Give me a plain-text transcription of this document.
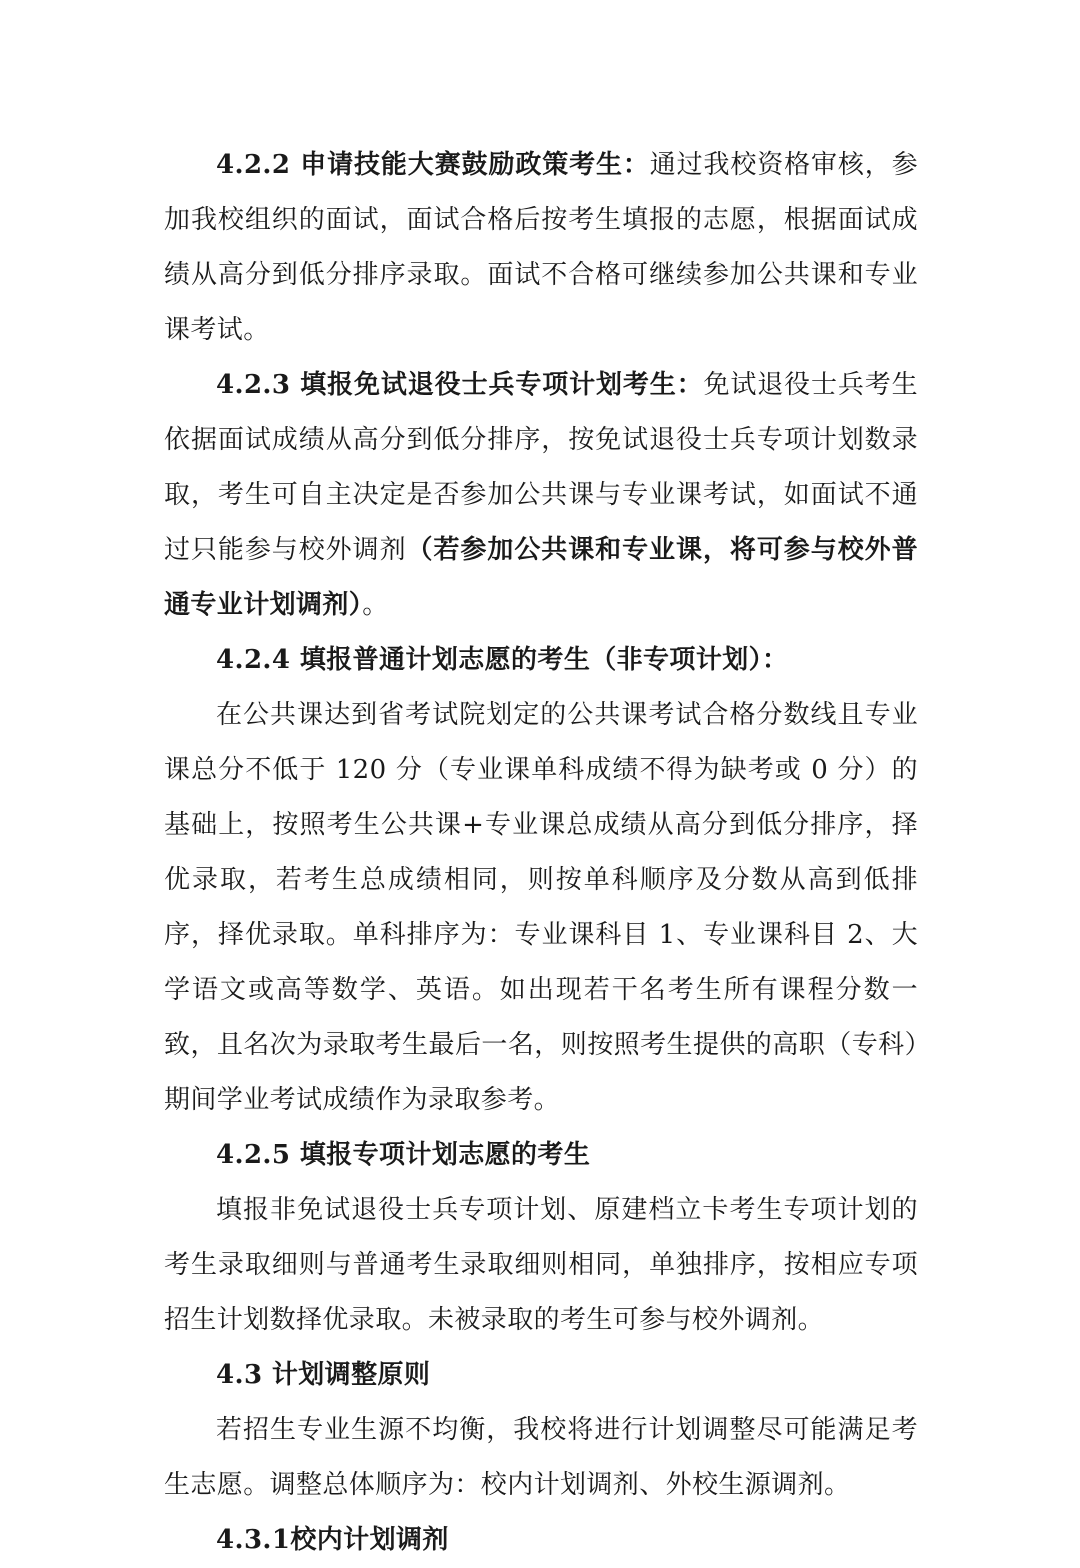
4.2.2 申请技能大赛鼓励政策考生：通过我校资格审核，参加我校组织的面试，面试合格后按考生填报的志愿，根据面试成绩从高分到低分排序录取。面试不合格可继续参加公共课和专业课考试。

4.2.3 填报免试退役士兵专项计划考生：免试退役士兵考生依据面试成绩从高分到低分排序，按免试退役士兵专项计划数录取，考生可自主决定是否参加公共课与专业课考试，如面试不通过只能参与校外调剂（若参加公共课和专业课，将可参与校外普通专业计划调剂）。

4.2.4 填报普通计划志愿的考生（非专项计划）：

在公共课达到省考试院划定的公共课考试合格分数线且专业课总分不低于 120 分（专业课单科成绩不得为缺考或 0 分）的基础上，按照考生公共课+专业课总成绩从高分到低分排序，择优录取，若考生总成绩相同，则按单科顺序及分数从高到低排序，择优录取。单科排序为：专业课科目 1、专业课科目 2、大学语文或高等数学、英语。如出现若干名考生所有课程分数一致，且名次为录取考生最后一名，则按照考生提供的高职（专科）期间学业考试成绩作为录取参考。

4.2.5 填报专项计划志愿的考生

填报非免试退役士兵专项计划、原建档立卡考生专项计划的考生录取细则与普通考生录取细则相同，单独排序，按相应专项招生计划数择优录取。未被录取的考生可参与校外调剂。

4.3 计划调整原则

若招生专业生源不均衡，我校将进行计划调整尽可能满足考生志愿。调整总体顺序为：校内计划调剂、外校生源调剂。

4.3.1校内计划调剂
